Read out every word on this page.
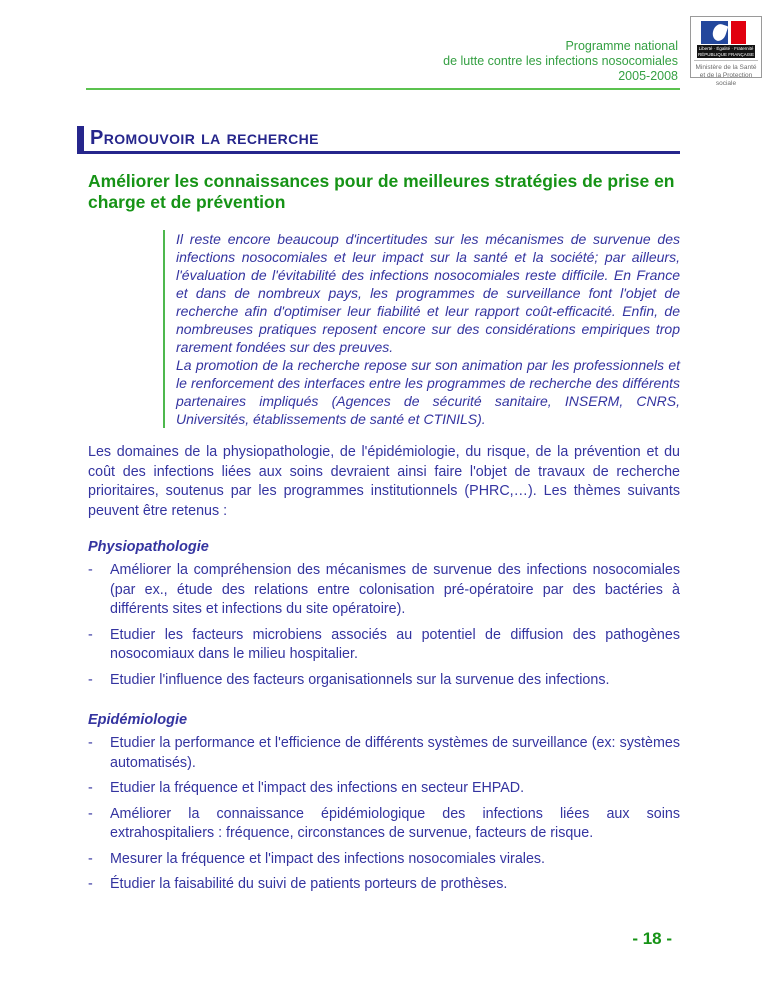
Programme national
de lutte contre les infections nosocomiales
2005-2008
Liberté · Égalité · Fraternité
RÉPUBLIQUE FRANÇAISE
Ministère de la Santé
et de la Protection sociale
Promouvoir la recherche
Améliorer les connaissances pour de meilleures stratégies de prise en charge et de prévention

Il reste encore beaucoup d'incertitudes sur les mécanismes de survenue des infections nosocomiales et leur impact sur la santé et la société; par ailleurs, l'évaluation de l'évitabilité des infections nosocomiales reste difficile. En France et dans de nombreux pays, les programmes de surveillance font l'objet de recherche afin d'optimiser leur fiabilité et leur rapport coût-efficacité. Enfin, de nombreuses pratiques reposent encore sur des considérations empiriques trop rarement fondées sur des preuves.

La promotion de la recherche repose sur son animation par les professionnels et le renforcement des interfaces entre les programmes de recherche des différents partenaires impliqués (Agences de sécurité sanitaire, INSERM, CNRS, Universités, établissements de santé et CTINILS).

Les domaines de la physiopathologie, de l'épidémiologie, du risque, de la prévention et du coût des infections liées aux soins devraient ainsi faire l'objet de travaux de recherche prioritaires, soutenus par les programmes institutionnels (PHRC,…). Les thèmes suivants peuvent être retenus :

Physiopathologie
-	Améliorer la compréhension des mécanismes de survenue des infections nosocomiales (par ex., étude des relations entre colonisation pré-opératoire par des bactéries à différents sites et infections du site opératoire).
-	Etudier les facteurs microbiens associés au potentiel de diffusion des pathogènes nosocomiaux dans le milieu hospitalier.
-	Etudier l'influence des facteurs organisationnels sur la survenue des infections.
Epidémiologie
-	Etudier la performance et l'efficience de différents systèmes de surveillance (ex: systèmes automatisés).
-	Etudier la fréquence et l'impact des infections en secteur EHPAD.
-	Améliorer la connaissance épidémiologique des infections liées aux soins extrahospitaliers : fréquence, circonstances de survenue, facteurs de risque.
-	Mesurer la fréquence et l'impact des infections nosocomiales virales.
-	Étudier la faisabilité du suivi de patients porteurs de prothèses.
- 18 -
